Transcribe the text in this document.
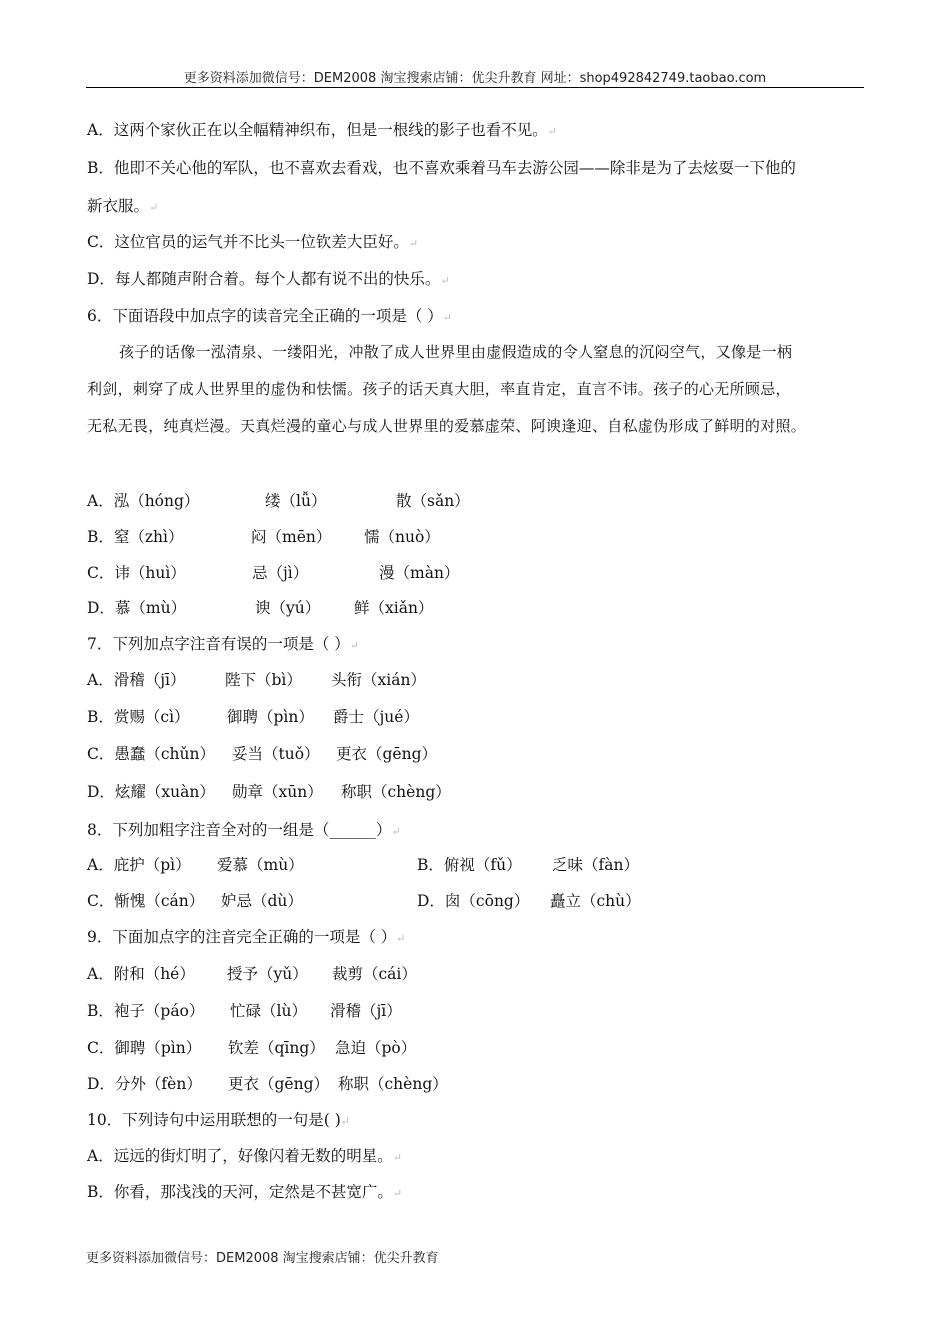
更多资料添加微信号：DEM2008 淘宝搜索店铺：优尖升教育 网址：shop492842749.taobao.com
A．这两个家伙正在以全幅精神织布，但是一根线的影子也看不见。↵
B．他即不关心他的军队，也不喜欢去看戏，也不喜欢乘着马车去游公园——除非是为了去炫耍一下他的
新衣服。↵
C．这位官员的运气并不比头一位钦差大臣好。↵
D．每人都随声附合着。每个人都有说不出的快乐。↵
6．下面语段中加点字的读音完全正确的一项是（ ）↵
孩子的话像一泓清泉、一缕阳光，冲散了成人世界里由虚假造成的令人窒息的沉闷空气，又像是一柄
利剑，刺穿了成人世界里的虚伪和怯懦。孩子的话天真大胆，率直肯定，直言不讳。孩子的心无所顾忌，
无私无畏，纯真烂漫。天真烂漫的童心与成人世界里的爱慕虚荣、阿谀逢迎、自私虚伪形成了鲜明的对照。
A．泓（hóng）	缕（lǚ）	散（sǎn）
B．窒（zhì）	闷（mēn） 懦（nuò）
C．讳（huì）	忌（jì）	漫（màn）
D．慕（mù）	谀（yú） 鲜（xiǎn）
7．下列加点字注音有误的一项是（ ）↵
A．滑稽（jī）	陛下（bì） 头衔（xián）
B．赏赐（cì） 御聘（pìn） 爵士（jué）
C．愚蠢（chǔn） 妥当（tuǒ） 更衣（gēng）
D．炫耀（xuàn） 勋章（xūn） 称职（chèng）
8．下列加粗字注音全对的一组是（______）↵
A．庇护（pì） 爱慕（mù）	B．俯视（fǔ） 乏味（fàn）
C．惭愧（cán） 妒忌（dù）	D．囱（cōng） 矗立（chù）
9．下面加点字的注音完全正确的一项是（ ）↵
A．附和（hé） 授予（yǔ） 裁剪（cái）
B．袍子（páo） 忙碌（lù） 滑稽（jī）
C．御聘（pìn） 钦差（qīng） 急迫（pò）
D．分外（fèn） 更衣（gēng） 称职（chèng）
10．下列诗句中运用联想的一句是( )↵
A．远远的街灯明了，好像闪着无数的明星。↵
B．你看，那浅浅的天河，定然是不甚宽广。↵
更多资料添加微信号：DEM2008 淘宝搜索店铺：优尖升教育
